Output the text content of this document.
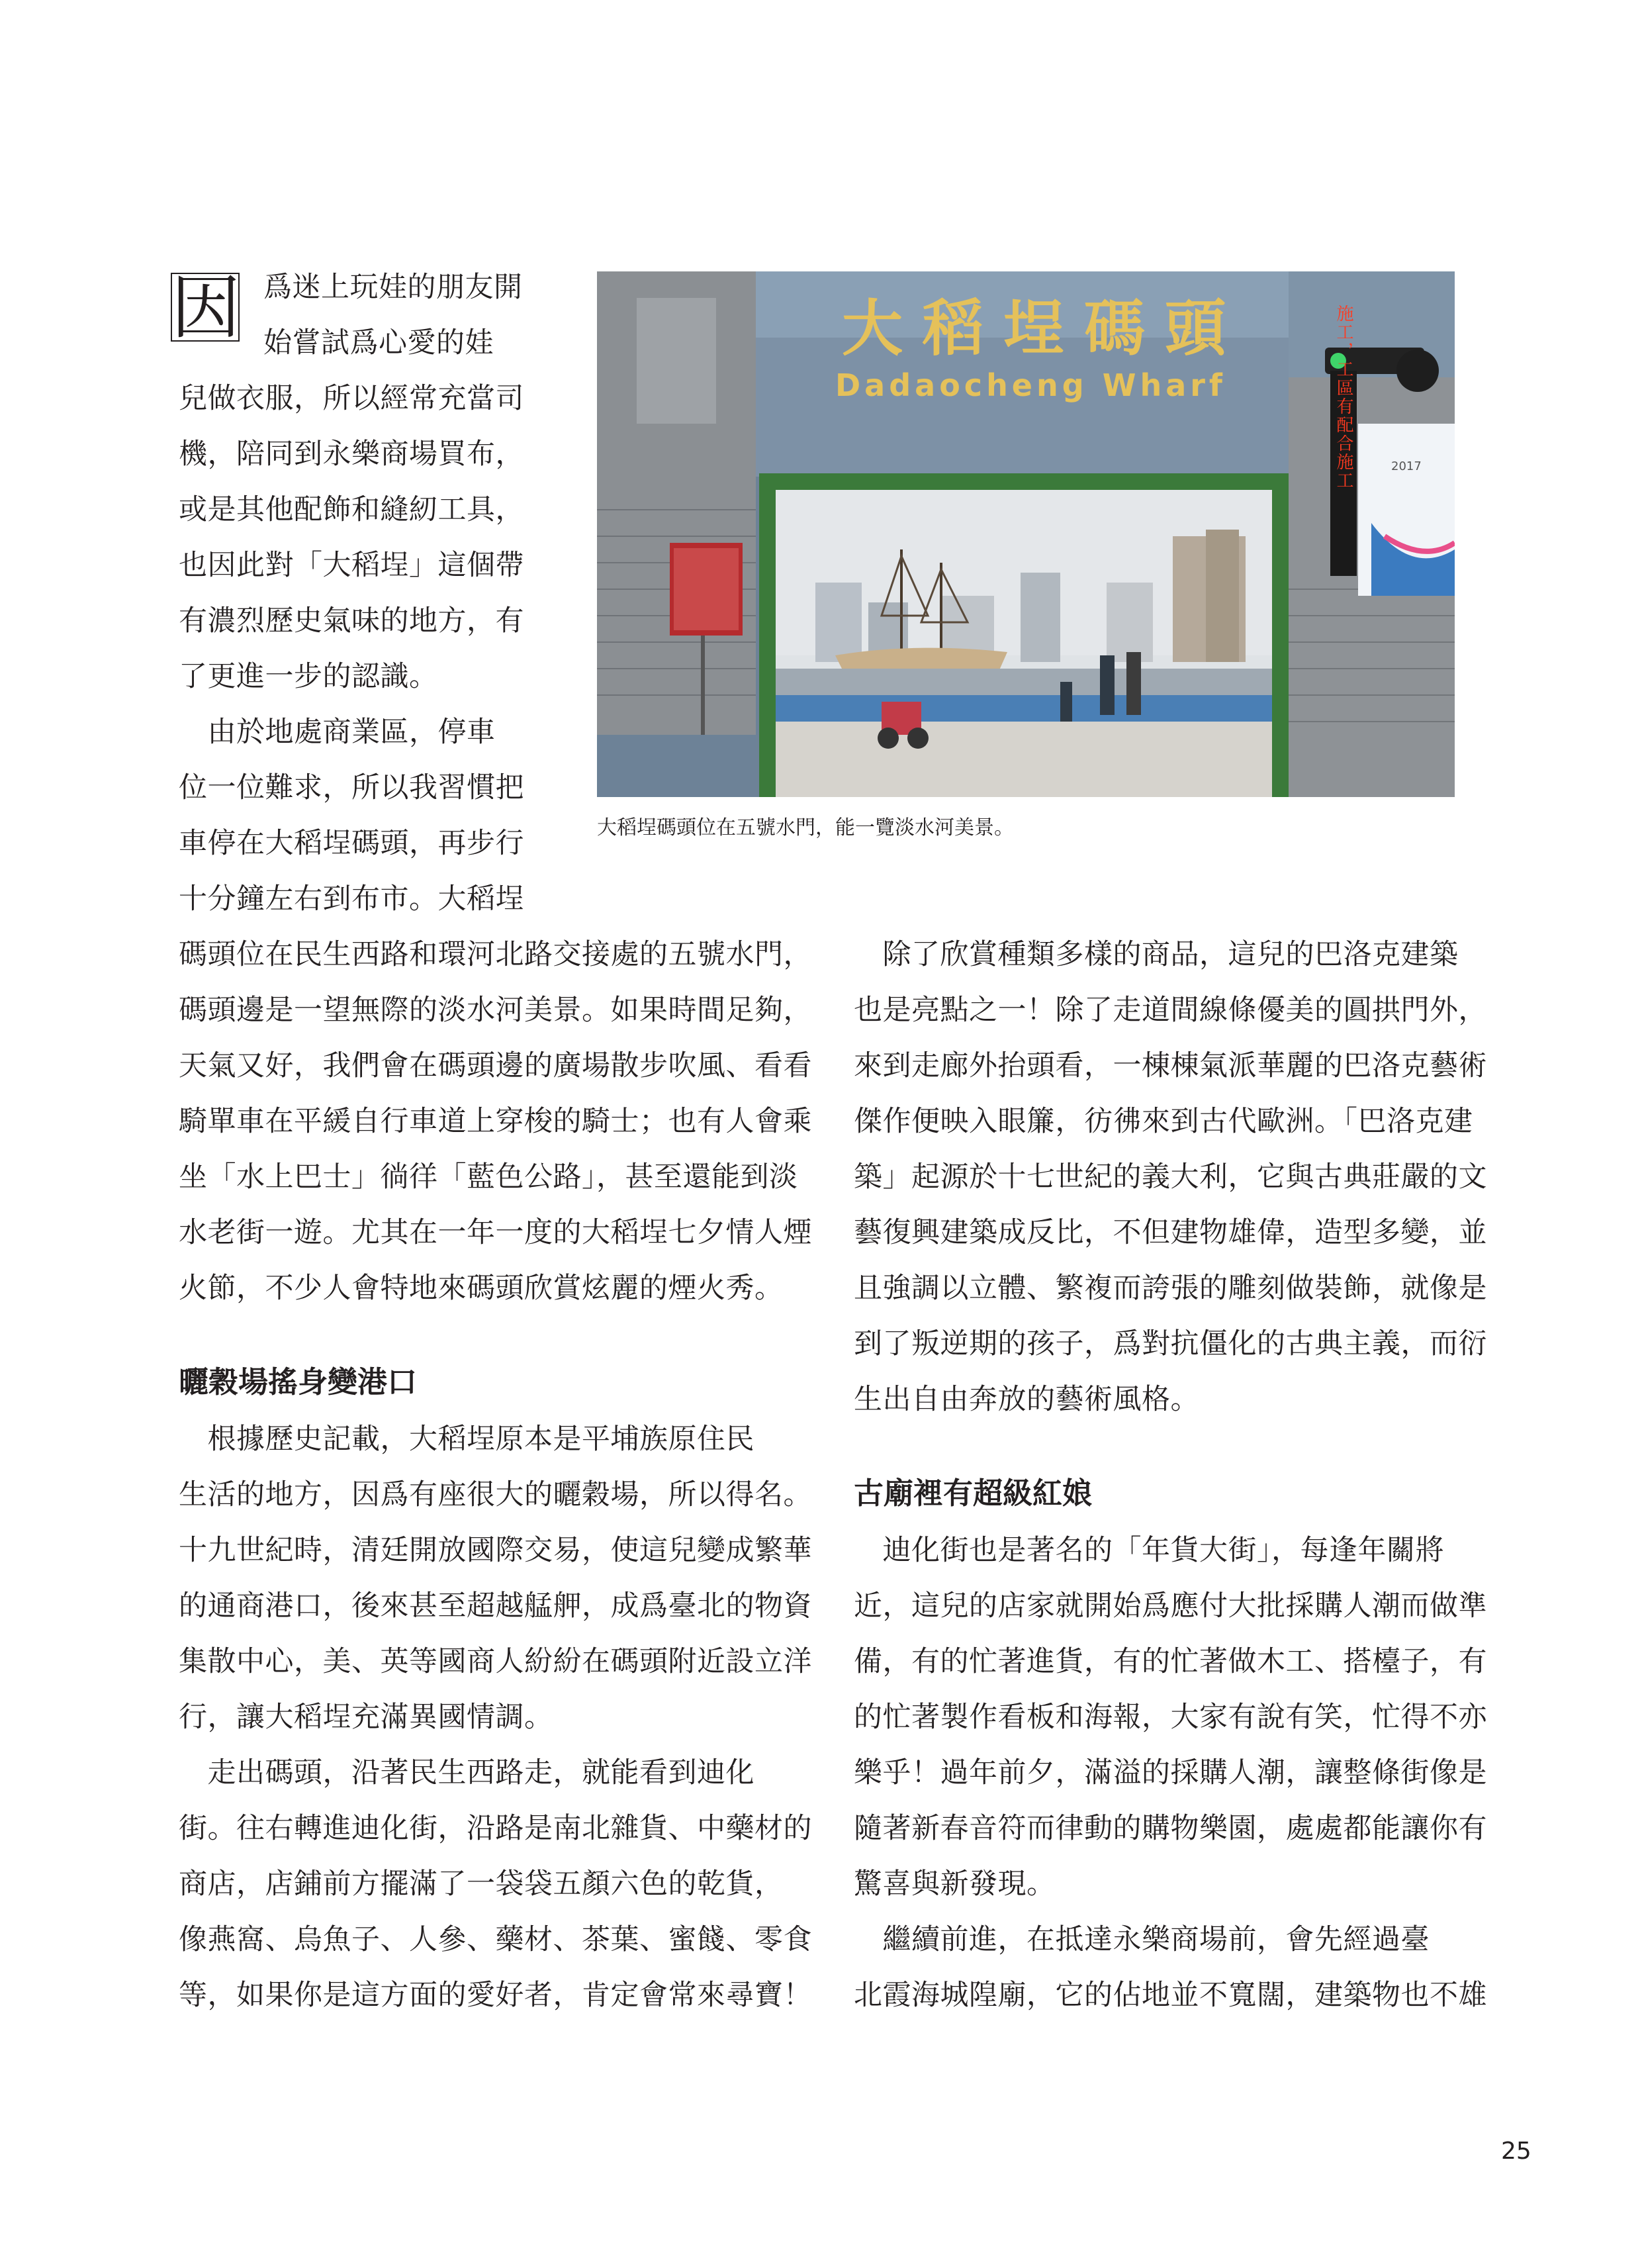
因 爲迷上玩娃的朋友開
始嘗試爲心愛的娃
兒做衣服，所以經常充當司
機，陪同到永樂商場買布，
或是其他配飾和縫紉工具，
也因此對「大稻埕」這個帶
有濃烈歷史氣味的地方，有
了更進一步的認識。
　由於地處商業區，停車
位一位難求，所以我習慣把
車停在大稻埕碼頭，再步行
十分鐘左右到布市。大稻埕
大稻埕碼頭
Dadaocheng Wharf
2017
施工，工區有配合施工
大稻埕碼頭位在五號水門，能一覽淡水河美景。
碼頭位在民生西路和環河北路交接處的五號水門，
碼頭邊是一望無際的淡水河美景。如果時間足夠，
天氣又好，我們會在碼頭邊的廣場散步吹風、看看
騎單車在平緩自行車道上穿梭的騎士；也有人會乘
坐「水上巴士」徜徉「藍色公路」，甚至還能到淡
水老街一遊。尤其在一年一度的大稻埕七夕情人煙
火節，不少人會特地來碼頭欣賞炫麗的煙火秀。
曬穀場搖身變港口
　根據歷史記載，大稻埕原本是平埔族原住民
生活的地方，因爲有座很大的曬穀場，所以得名。
十九世紀時，清廷開放國際交易，使這兒變成繁華
的通商港口，後來甚至超越艋舺，成爲臺北的物資
集散中心，美、英等國商人紛紛在碼頭附近設立洋
行，讓大稻埕充滿異國情調。
　走出碼頭，沿著民生西路走，就能看到迪化
街。往右轉進迪化街，沿路是南北雜貨、中藥材的
商店，店鋪前方擺滿了一袋袋五顏六色的乾貨，
像燕窩、烏魚子、人參、藥材、茶葉、蜜餞、零食
等，如果你是這方面的愛好者，肯定會常來尋寶！
　除了欣賞種類多樣的商品，這兒的巴洛克建築
也是亮點之一！除了走道間線條優美的圓拱門外，
來到走廊外抬頭看，一棟棟氣派華麗的巴洛克藝術
傑作便映入眼簾，彷彿來到古代歐洲。「巴洛克建
築」起源於十七世紀的義大利，它與古典莊嚴的文
藝復興建築成反比，不但建物雄偉，造型多變，並
且強調以立體、繁複而誇張的雕刻做裝飾，就像是
到了叛逆期的孩子，爲對抗僵化的古典主義，而衍
生出自由奔放的藝術風格。
古廟裡有超級紅娘
　迪化街也是著名的「年貨大街」，每逢年關將
近，這兒的店家就開始爲應付大批採購人潮而做準
備，有的忙著進貨，有的忙著做木工、搭檯子，有
的忙著製作看板和海報，大家有說有笑，忙得不亦
樂乎！過年前夕，滿溢的採購人潮，讓整條街像是
隨著新春音符而律動的購物樂園，處處都能讓你有
驚喜與新發現。
　繼續前進，在抵達永樂商場前，會先經過臺
北霞海城隍廟，它的佔地並不寬闊，建築物也不雄
25
